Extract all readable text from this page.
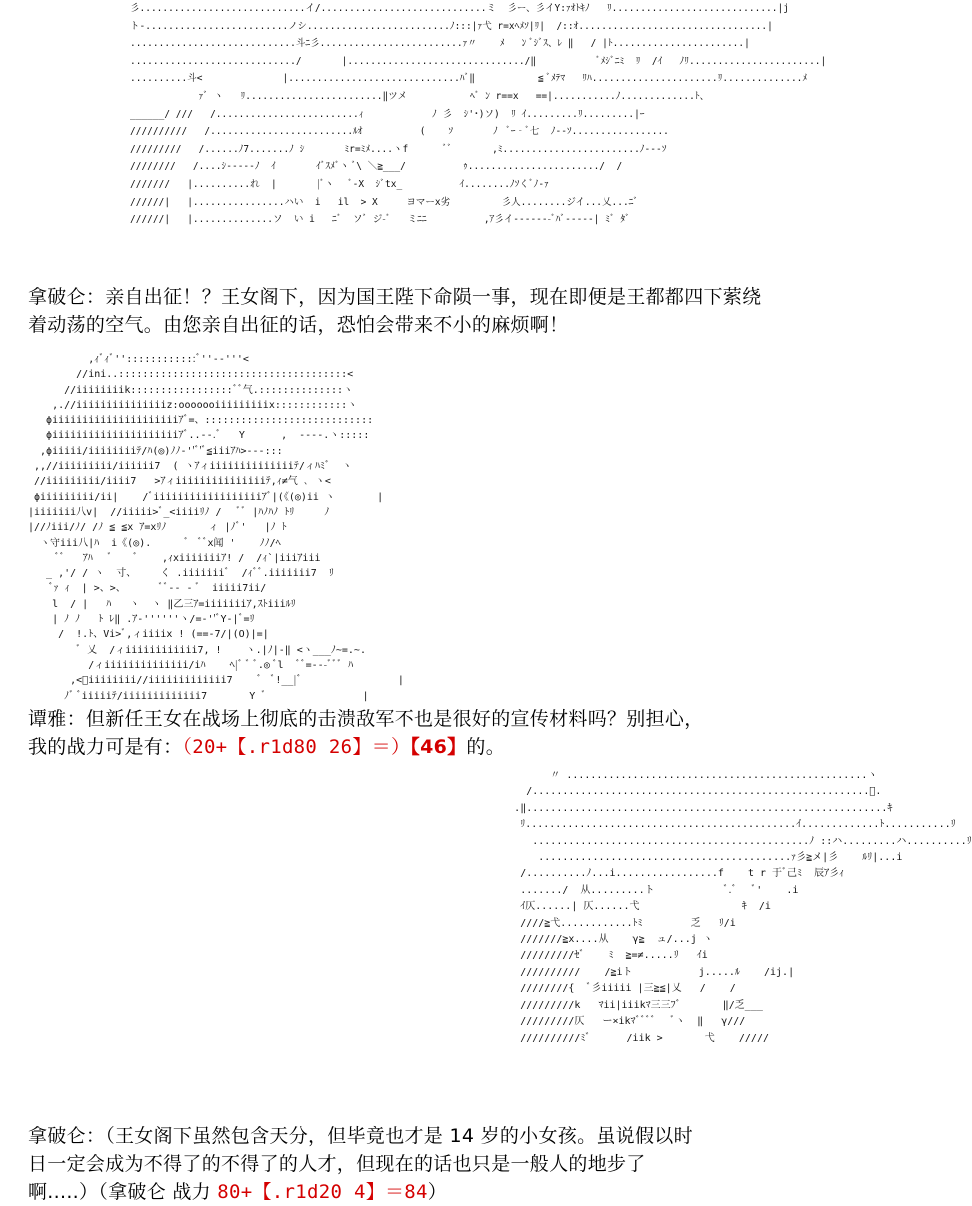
彡.............................イ/.............................ミ  彡ー、彡イY:ｧｵﾄｷﾉ   ﾘ.............................|j
ト-.........................ノシ.........................ﾉ:::|ｧ弋 r=xﾍﾒｿ|ﾘ|  /::ｵ.................................|
.............................斗ﾆ彡.........................ｧ〃    ﾒ   ﾝ ﾞｼﾞｽ、ﾚ ‖   / |ﾄ.......................|
............................./       |.............................../‖           ﾞﾒｼﾞﾆﾐ  ﾘ  /ｲ   ﾉﾘ.......................|
..........斗<              |..............................ﾊﾞ‖           ≦ ﾞﾒﾃﾏ   ﾘﾊ......................ﾘ..............ﾒ
ｧﾞ ヽ   ﾘ........................‖ツメ           ﾍﾞ ﾝ r==x   ==|...........ﾉ.............ﾄ、
______/ ///   /.........................ｨ            ﾉ 彡  ｼ'･)ソ)  ﾘ ｲ.........ﾘ.........|ｰ
//////////   /.........................ﾙｵ          (    ｿ       ﾉ  ﾞｰ‐ﾞ七  ﾉ--ｿ.................
/////////   /......ﾉ7.......ﾉ ｼ       ﾐr=ﾐﾒ....ヽf      ﾞﾞ       ,ﾐ........................ﾉ---ｿ
////////   /....ｼ-----ﾉ  ｲ       ｲﾞｽﾒﾞヽ ﾞ\ ＼≧___/          ｩ......................./  /
///////   |..........れ  |       |ﾞヽ   ﾞ-X  ｼﾞtx_          ｲ........ﾉｿくﾞﾉ-ｧ
//////|   |................ハい  i   il  > X     ヨマーx劣         彡人........ジイ...乂...ﾆﾞ
//////|   |..............ソ  い i   ﾆﾞ  ソﾞ ジ-ﾞ   ミﾆﾆ          ,ｱ彡イ-------ﾞﾊﾞ-----| ﾐﾞ ﾀﾞ
拿破仑：亲自出征！？王女阁下，因为国王陛下命陨一事，现在即便是王都都四下萦绕着动荡的空气。由您亲自出征的话，恐怕会带来不小的麻烦啊！
,ｨﾞｨﾞ''::::::::::::ﾞ''-‐'''<
//ini..::::::::::::::::::::::::::::::::::::::<
//iiiiiiiik:::::::::::::::::ﾞﾞ气.::::::::::::::ヽ
,.//iiiiiiiiiiiiiiiz:ooooooiiiiiiiiix::::::::::::ヽ
ϕiiiiiiiiiiiiiiiiiiiiiｱﾞ=、::::::::::::::::::::::::::::
ϕiiiiiiiiiiiiiiiiiiiiiｱﾞ..--.ﾞ   Y      ,  ----.ヽ:::::
,ϕiiiii/iiiiiiiiﾃ/ﾊ(◎)ﾉﾉ-''ﾞ'ﾞ≦iiiｱﾊ>--‐:::
,,//iiiiiiiii/iiiiii7  ( ヽｱィiiiiiiiiiiiiiiﾃ/ィﾊﾐﾞ  ヽ
//iiiiiiiii/iiii7   >ｱィiiiiiiiiiiiiiiiﾃ,ｨ≠气 ､ ヽ<
ϕiiiiiiiii/ii|    /ﾞiiiiiiiiiiiiiiiiiiｱﾞ|(《(◎)ii ヽ       |
|iiiiiii八v|  //iiiii>ﾞ_<iiiiﾘﾉ /   ﾞﾞ |ﾊﾉﾊﾉ ﾄﾘ     ﾉ
|//ﾉiii/ﾉ/ /ﾉ ≦ ≦x ｱ=xﾘﾉ       ィ |ﾉﾞ'   |ﾉ ﾄ
ヽ守iii八|ﾊ  i《(◎).      ﾞ  ﾞﾞx闻 '    ﾉﾉ/ﾍ
ﾞﾞ   ｱﾊ   ﾞ    ﾞ    ,ｨxiiiiiiiｱ! /  /ｨ`|iiiｱiii
_ ,'/ / ヽ  寸、    く .iiiiiiiﾞ  /ｨﾞﾞ.iiiiiii7  ﾘ
ﾞｧ ｨ  | >、>、      ﾞﾞ-- - ﾞ  iiiii7ii/
l  / |   ﾊ   ヽ  ヽ ‖乙三ｱ=iiiiiiiｱ,ｽﾄiiiﾙﾘ
| ﾉ ﾉ   ﾄ ﾚ‖ .ｱ‐''''''ヽ/=-''ﾞY-|ﾞ=ﾘ
/  !.ﾄ、Vi>ﾞ,ィiiiix ! (==-7/|(O)|=|
ﾞ 乂  /ィiiiiiiiiiiii7, !    ヽ.|ﾉ|-‖ <ヽ___ﾉ~=.~.
/ィiiiiiiiiiiiiii/iﾊ    ﾍ|ﾞ ﾞ ﾞ.◎ ﾞl  ﾞﾞ=---ﾞﾞﾞ ﾊ
,<ﾞiiiiiiii//iiiiiiiiiiiii7    ﾞ  ﾞ!__|ﾞ                |
ﾉﾞ ﾞiiiiiﾃ/iiiiiiiiiiiii7       Y ﾞ                |
谭雅：但新任王女在战场上彻底的击溃敌军不也是很好的宣传材料吗？别担心，
我的战力可是有：（20+【.r1d80 26】＝）【46】的。
〃 ..................................................ヽ
/........................................................ﾞ.
.‖............................................................ｷ
ﾘ.............................................ｲ.............ﾄ...........ﾘ
..............................................ﾉ ::ハ.........ハ..........ﾘ
..........................................ｧ彡≧メ|彡    ﾙﾘ|...i
/..........ﾉ...i.................f    t r 于ﾞ己ﾐ  辰ｱ彡ｨ
......./  从.........ト            ﾞ.ﾞ   ﾞ'    .i
ｲ仄......| 仄......弋                 ｷ  /i
////≧弋............ﾄﾐ        乏   ﾘ/i
///////≧x....从    γ≧  ュ/...j ヽ
/////////ｾﾞ    ﾐ  ≧=≠.....ﾘ   ｲi
//////////    /≧iト           j.....ﾙ    /ij.|
////////{  ﾞ彡iiiii |三≧≦|乂   /    /
/////////k   ﾏii|iiikﾏ三三ﾌﾞ       ‖/乏___
/////////仄   ー×ikﾏﾞﾞﾞﾞ   ﾞヽ  ‖   γ///
//////////ﾐﾞ      /iik >       弋    /////
拿破仑：（王女阁下虽然包含天分，但毕竟也才是 14 岁的小女孩。虽说假以时
日一定会成为不得了的不得了的人才，但现在的话也只是一般人的地步了
啊.....）（拿破仑 战力 80+【.r1d20 4】＝84）
